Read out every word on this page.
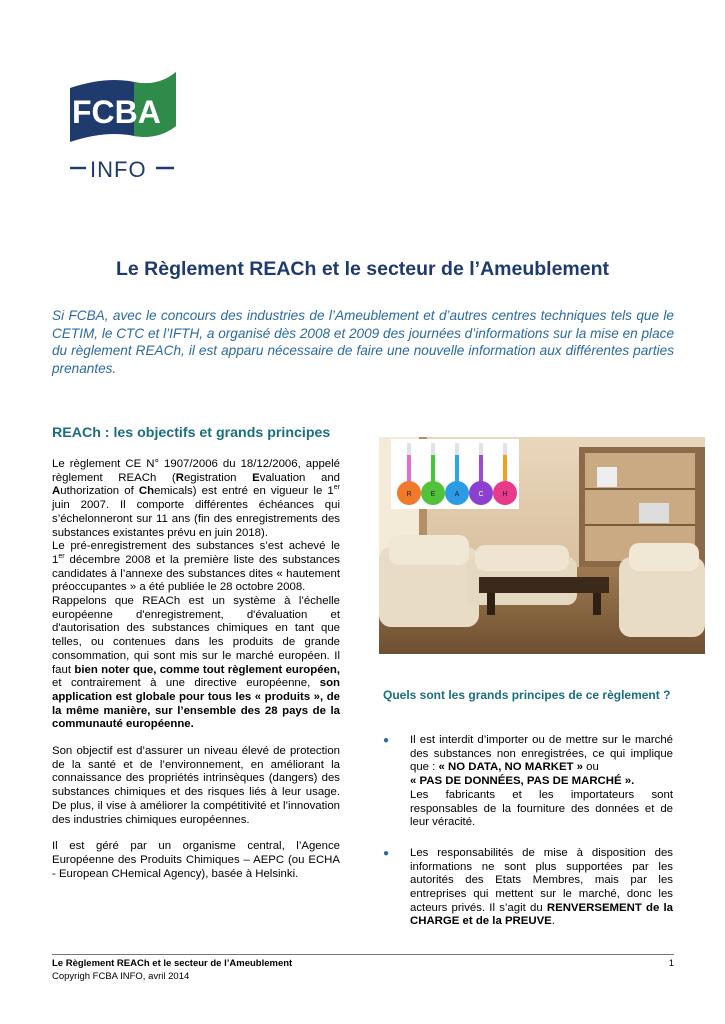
FCBA
INFO
Le Règlement REACh et le secteur de l’Ameublement

Si FCBA, avec le concours des industries de l’Ameublement et d’autres centres techniques tels que le CETIM, le CTC et l’IFTH, a organisé dès 2008 et 2009 des journées d’informations sur la mise en place du règlement REACh, il est apparu nécessaire de faire une nouvelle information aux différentes parties prenantes.

REACh : les objectifs et grands principes

Le règlement CE N° 1907/2006 du 18/12/2006, appelé règlement REACh (Registration Evaluation and Authorization of Chemicals) est entré en vigueur le 1er juin 2007. Il comporte différentes échéances qui s’échelonneront sur 11 ans (fin des enregistrements des substances existantes prévu en juin 2018).

Le pré-enregistrement des substances s’est achevé le 1er décembre 2008 et la première liste des substances candidates à l’annexe des substances dites « hautement préoccupantes » a été publiée le 28 octobre 2008.

Rappelons que REACh est un système à l’échelle européenne d'enregistrement, d'évaluation et d'autorisation des substances chimiques en tant que telles, ou contenues dans les produits de grande consommation, qui sont mis sur le marché européen. Il faut bien noter que, comme tout règlement européen, et contrairement à une directive européenne, son application est globale pour tous les « produits », de la même manière, sur l’ensemble des 28 pays de la communauté européenne.

Son objectif est d’assurer un niveau élevé de protection de la santé et de l’environnement, en améliorant la connaissance des propriétés intrinsèques (dangers) des substances chimiques et des risques liés à leur usage. De plus, il vise à améliorer la compétitivité et l’innovation des industries chimiques européennes.

Il est géré par un organisme central, l’Agence Européenne des Produits Chimiques – AEPC (ou ECHA - European CHemical Agency), basée à Helsinki.

R	E	A	C	H
Quels sont les grands principes de ce règlement ?
● Il est interdit d’importer ou de mettre sur le marché des substances non enregistrées, ce qui implique que : « NO DATA, NO MARKET » ou
« PAS DE DONNÉES, PAS DE MARCHÉ ».
Les fabricants et les importateurs sont responsables de la fourniture des données et de leur véracité.

● Les responsabilités de mise à disposition des informations ne sont plus supportées par les autorités des Etats Membres, mais par les entreprises qui mettent sur le marché, donc les acteurs privés. Il s’agit du RENVERSEMENT de la CHARGE et de la PREUVE.

Le Règlement REACh et le secteur de l’Ameublement
Copyrigh FCBA INFO, avril 2014
1
